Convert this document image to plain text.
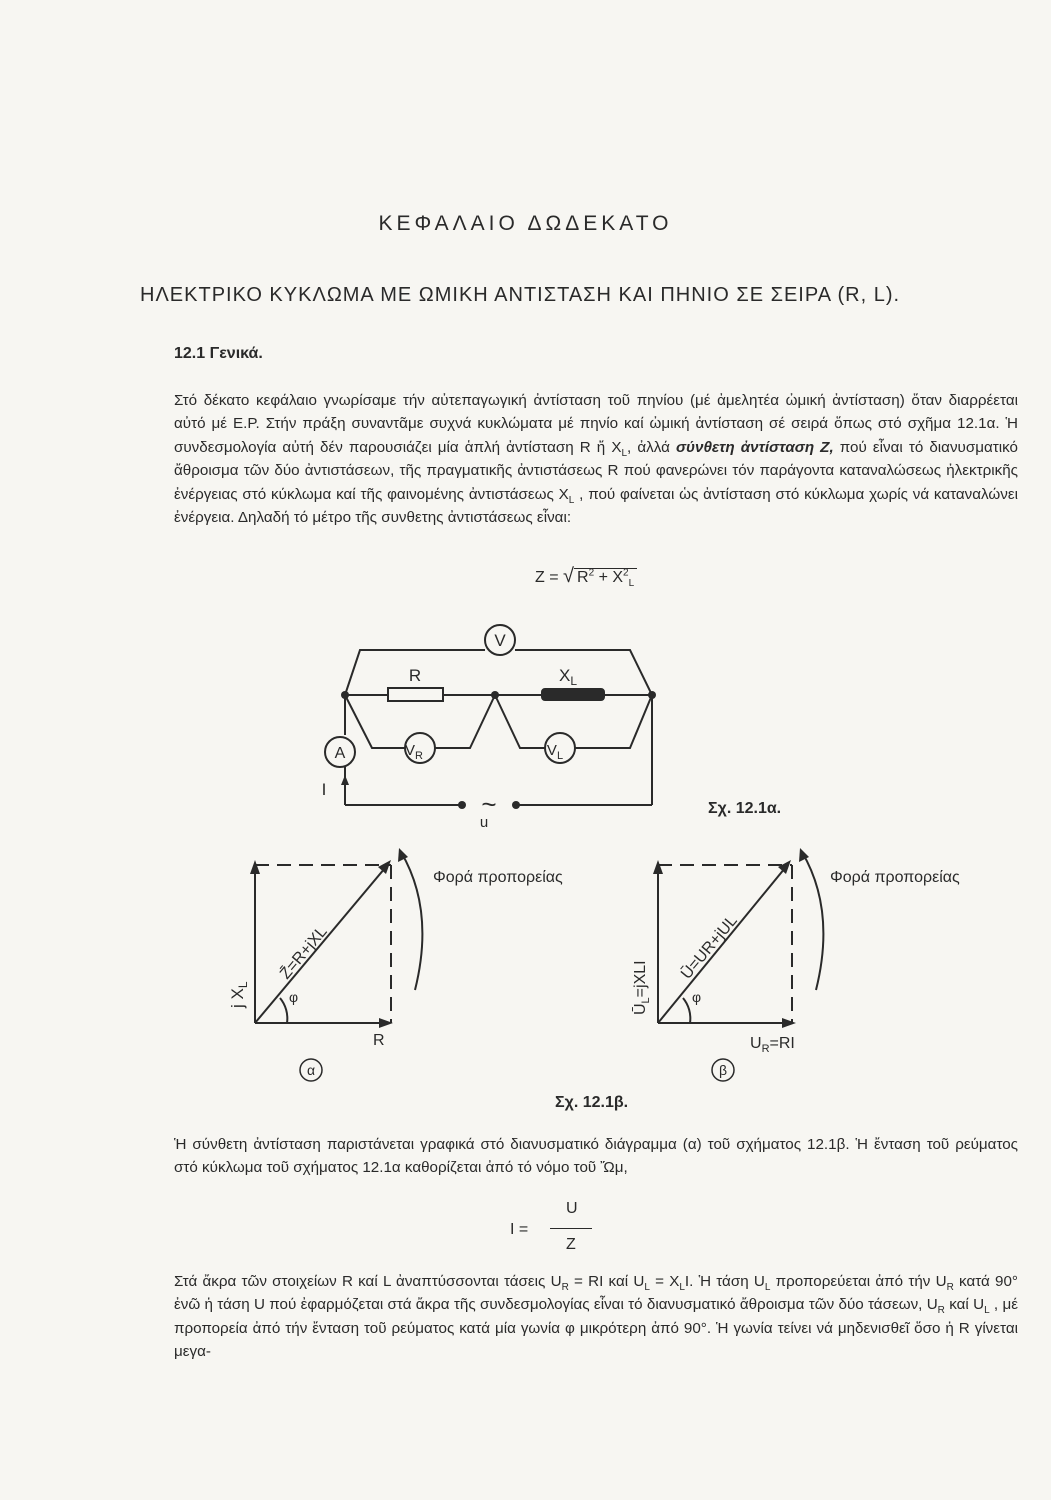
ΚΕΦΑΛΑΙΟ ΔΩΔΕΚΑΤΟ
ΗΛΕΚΤΡΙΚΟ ΚΥΚΛΩΜΑ ΜΕ ΩΜΙΚΗ ΑΝΤΙΣΤΑΣΗ ΚΑΙ ΠΗΝΙΟ ΣΕ ΣΕΙΡΑ (R, L).
12.1 Γενικά.
Στό δέκατο κεφάλαιο γνωρίσαμε τήν αὐτεπαγωγική ἀντίσταση τοῦ πηνίου (μέ ἀμελητέα ὠμική ἀντίσταση) ὅταν διαρρέεται αὐτό μέ Ε.Ρ. Στήν πράξη συναντᾶμε συχνά κυκλώματα μέ πηνίο καί ὠμική ἀντίσταση σέ σειρά ὅπως στό σχῆμα 12.1α. Ἡ συνδεσμολογία αὐτή δέν παρουσιάζει μία ἁπλή ἀντίσταση R ἤ $X_L$, ἀλλά σύνθετη ἀντίσταση Z, πού εἶναι τό διανυσματικό ἄθροισμα τῶν δύο ἀντιστάσεων, τῆς πραγματικῆς ἀντιστάσεως R πού φανερώνει τόν παράγοντα καταναλώσεως ἠλεκτρικῆς ἐνέργειας στό κύκλωμα καί τῆς φαινομένης ἀντιστάσεως $X_L$ , πού φαίνεται ὡς ἀντίσταση στό κύκλωμα χωρίς νά καταναλώνει ἐνέργεια. Δηλαδή τό μέτρο τῆς συνθετης ἀντιστάσεως εἶναι:
Z = √ $R^2 + X^2_L$
V
$V_R$	$V_L$
A
R	$X_L$
I	~
u
Σχ. 12.1α.
j $X_L$
Z̄=R+jXL
φ
R
Φορά προπορείας
α
$Ū_L=jXLI$ Ū=UR+jUL
φ
$U_R=RI$
Φορά προπορείας
β
Σχ. 12.1β.
Ἡ σύνθετη ἀντίσταση παριστάνεται γραφικά στό διανυσματικό διάγραμμα (α) τοῦ σχήματος 12.1β. Ἡ ἔνταση τοῦ ρεύματος στό κύκλωμα τοῦ σχήματος 12.1α καθορίζεται ἀπό τό νόμο τοῦ Ὤμ,
I =
U
Z
Στά ἄκρα τῶν στοιχείων R καί L ἀναπτύσσονται τάσεις $U_R$ = RI καί $U_L = X_LI$. Ἡ τάση $U_L$ προπορεύεται ἀπό τήν $U_R$ κατά 90° ἐνῶ ἡ τάση U πού ἐφαρμόζεται στά ἄκρα τῆς συνδεσμολογίας εἶναι τό διανυσματικό ἄθροισμα τῶν δύο τάσεων, $U_R$ καί $U_L$ , μέ προπορεία ἀπό τήν ἔνταση τοῦ ρεύματος κατά μία γωνία φ μικρότερη ἀπό 90°. Ἡ γωνία τείνει νά μηδενισθεῖ ὅσο ἡ R γίνεται μεγα-
